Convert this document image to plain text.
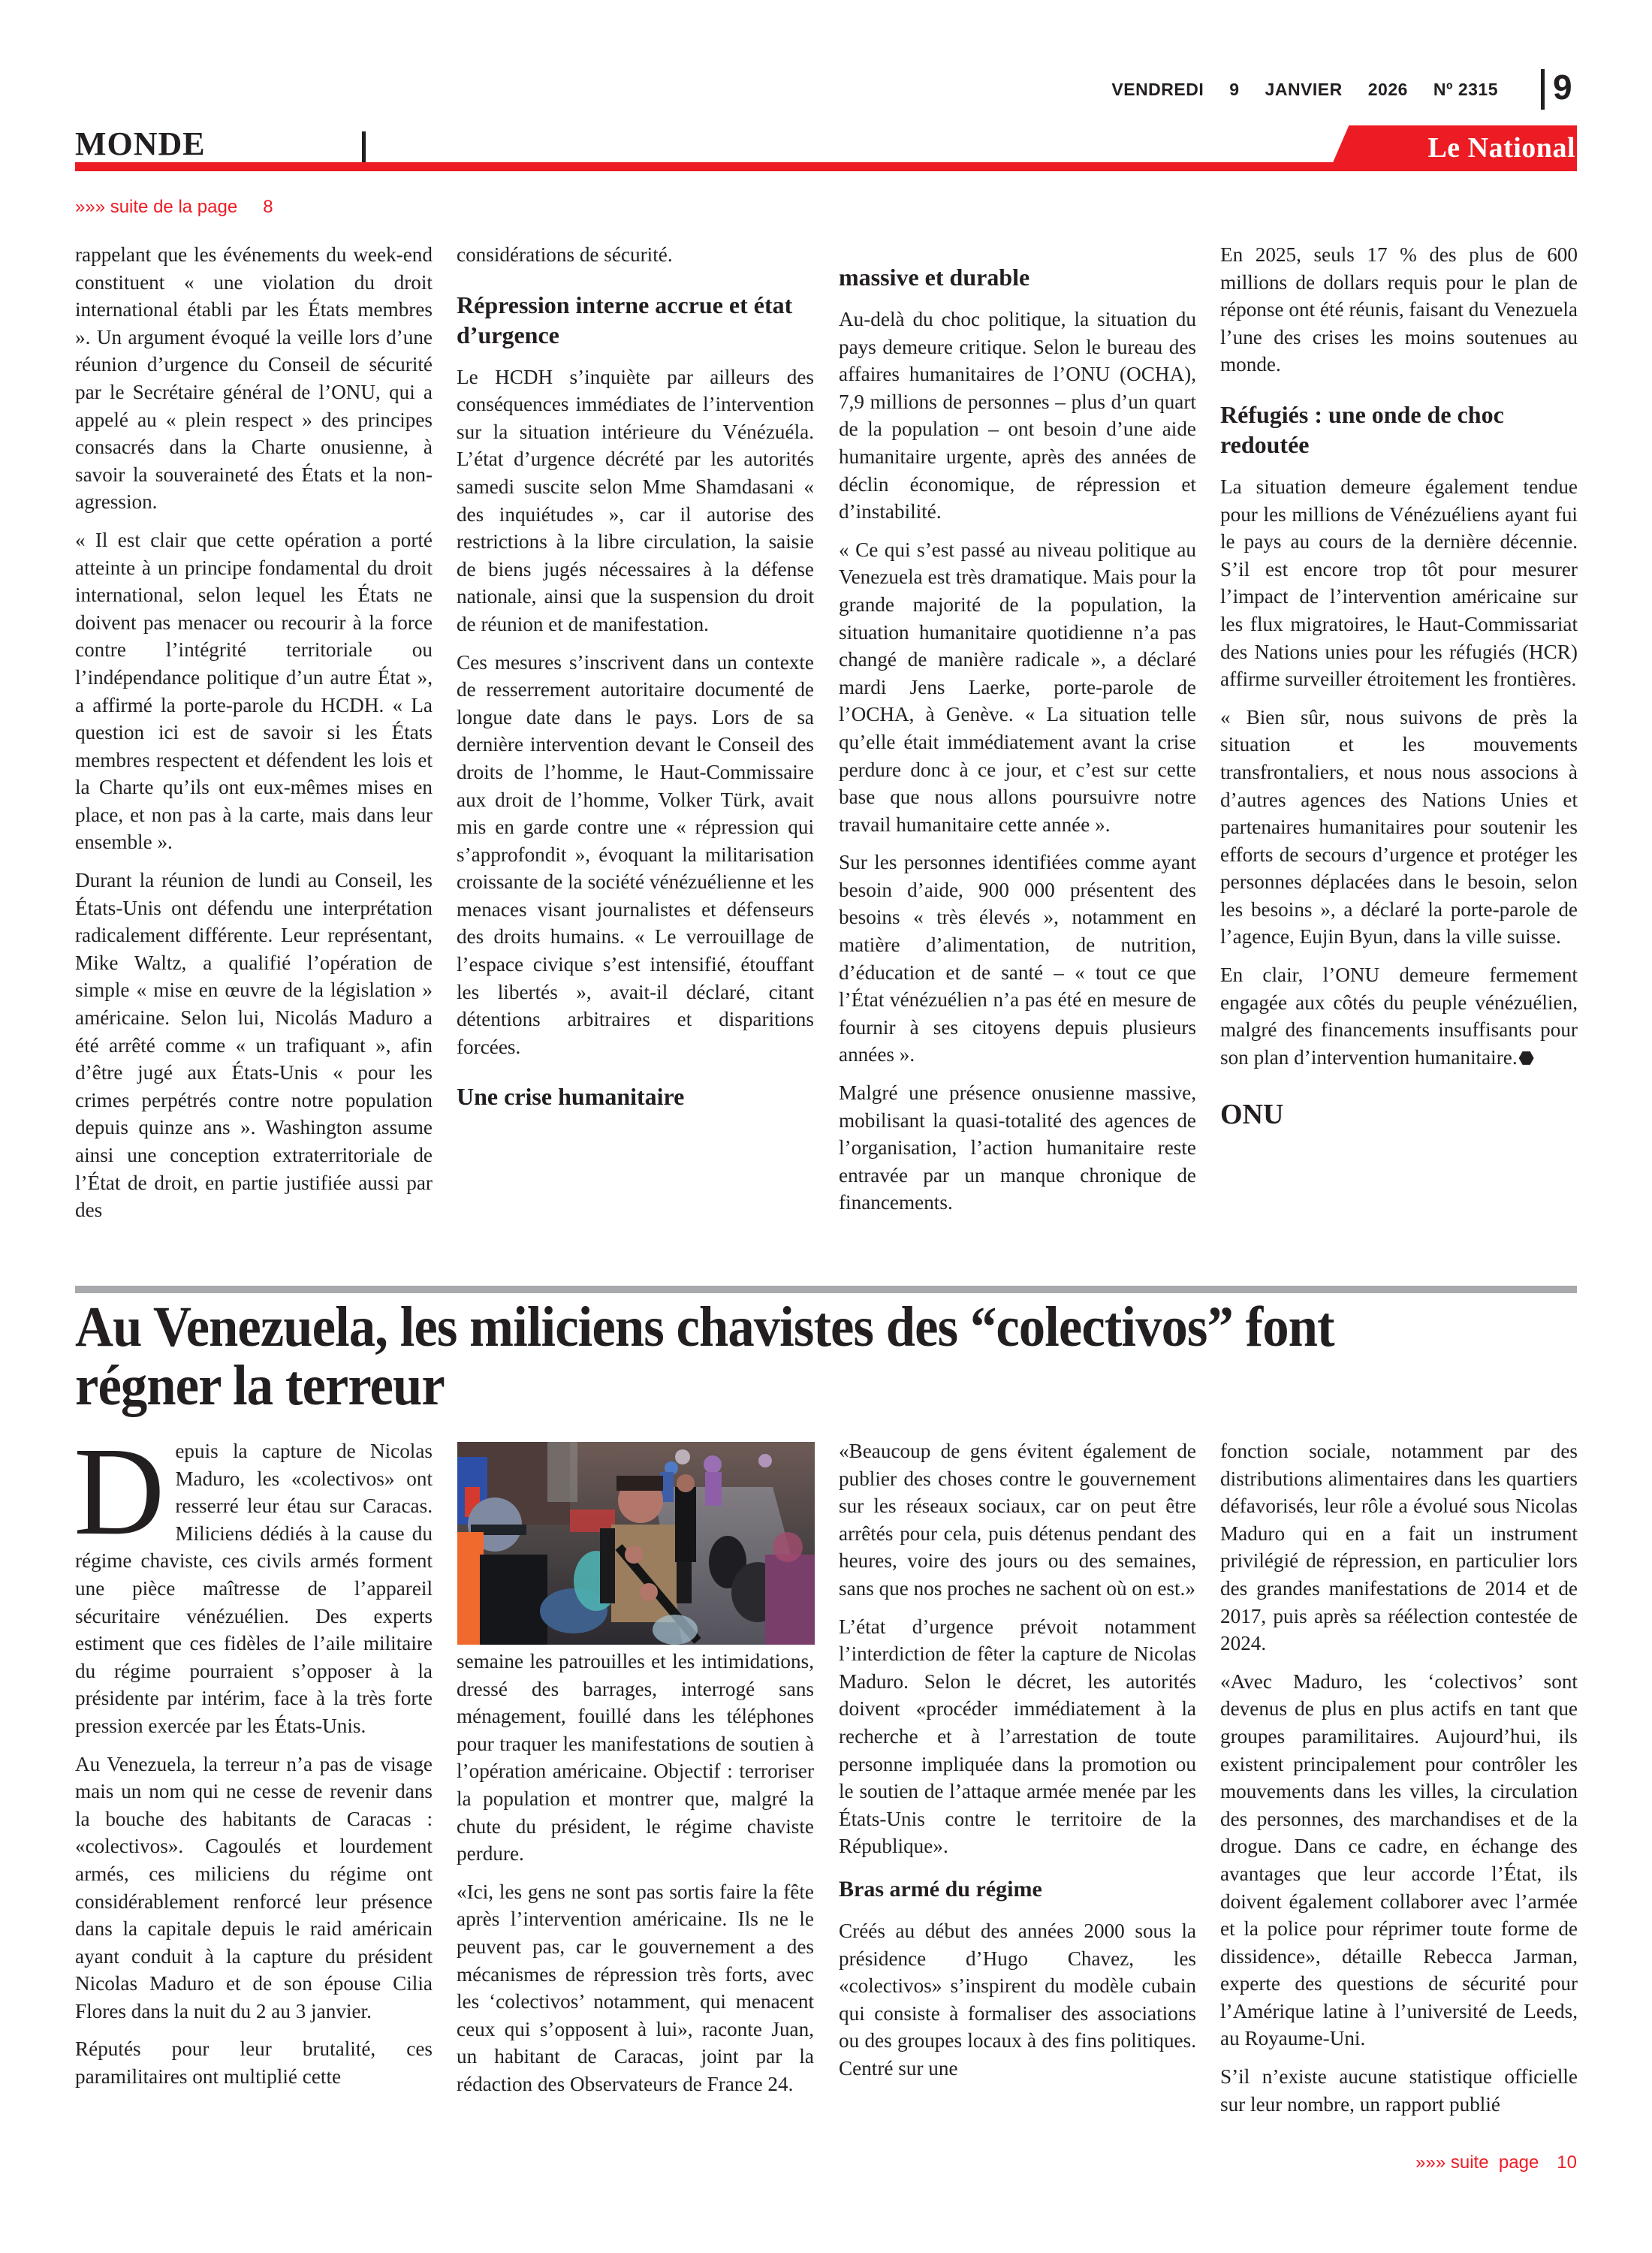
VENDREDI 9 JANVIER 2026 Nº 2315 9
MONDE	Le National
»»» suite de la page 8

rappelant que les événements du week-end constituent « une violation du droit international établi par les États membres ». Un argument évoqué la veille lors d’une réunion d’urgence du Conseil de sécurité par le Secrétaire général de l’ONU, qui a appelé au « plein respect » des principes consacrés dans la Charte onusienne, à savoir la souveraineté des États et la non-agression.

« Il est clair que cette opération a porté atteinte à un principe fondamental du droit international, selon lequel les États ne doivent pas menacer ou recourir à la force contre l’intégrité territoriale ou l’indépendance politique d’un autre État », a affirmé la porte-parole du HCDH. « La question ici est de savoir si les États membres respectent et défendent les lois et la Charte qu’ils ont eux-mêmes mises en place, et non pas à la carte, mais dans leur ensemble ».

Durant la réunion de lundi au Conseil, les États-Unis ont défendu une interprétation radicalement différente. Leur représentant, Mike Waltz, a qualifié l’opération de simple « mise en œuvre de la législation » américaine. Selon lui, Nicolás Maduro a été arrêté comme « un trafiquant », afin d’être jugé aux États-Unis « pour les crimes perpétrés contre notre population depuis quinze ans ». Washington assume ainsi une conception extraterritoriale de l’État de droit, en partie justifiée aussi par des

considérations de sécurité.

Répression interne accrue et état d’urgence

Le HCDH s’inquiète par ailleurs des conséquences immédiates de l’intervention sur la situation intérieure du Vénézuéla. L’état d’urgence décrété par les autorités samedi suscite selon Mme Shamdasani « des inquiétudes », car il autorise des restrictions à la libre circulation, la saisie de biens jugés nécessaires à la défense nationale, ainsi que la suspension du droit de réunion et de manifestation.

Ces mesures s’inscrivent dans un contexte de resserrement autoritaire documenté de longue date dans le pays. Lors de sa dernière intervention devant le Conseil des droits de l’homme, le Haut-Commissaire aux droit de l’homme, Volker Türk, avait mis en garde contre une « répression qui s’approfondit », évoquant la militarisation croissante de la société vénézuélienne et les menaces visant journalistes et défenseurs des droits humains. « Le verrouillage de l’espace civique s’est intensifié, étouffant les libertés », avait-il déclaré, citant détentions arbitraires et disparitions forcées.

Une crise humanitaire
massive et durable

Au-delà du choc politique, la situation du pays demeure critique. Selon le bureau des affaires humanitaires de l’ONU (OCHA), 7,9 millions de personnes – plus d’un quart de la population – ont besoin d’une aide humanitaire urgente, après des années de déclin économique, de répression et d’instabilité.

« Ce qui s’est passé au niveau politique au Venezuela est très dramatique. Mais pour la grande majorité de la population, la situation humanitaire quotidienne n’a pas changé de manière radicale », a déclaré mardi Jens Laerke, porte-parole de l’OCHA, à Genève. « La situation telle qu’elle était immédiatement avant la crise perdure donc à ce jour, et c’est sur cette base que nous allons poursuivre notre travail humanitaire cette année ».

Sur les personnes identifiées comme ayant besoin d’aide, 900 000 présentent des besoins « très élevés », notamment en matière d’alimentation, de nutrition, d’éducation et de santé – « tout ce que l’État vénézuélien n’a pas été en mesure de fournir à ses citoyens depuis plusieurs années ».

Malgré une présence onusienne massive, mobilisant la quasi-totalité des agences de l’organisation, l’action humanitaire reste entravée par un manque chronique de financements.

En 2025, seuls 17 % des plus de 600 millions de dollars requis pour le plan de réponse ont été réunis, faisant du Venezuela l’une des crises les moins soutenues au monde.

Réfugiés : une onde de choc redoutée

La situation demeure également tendue pour les millions de Vénézuéliens ayant fui le pays au cours de la dernière décennie. S’il est encore trop tôt pour mesurer l’impact de l’intervention américaine sur les flux migratoires, le Haut-Commissariat des Nations unies pour les réfugiés (HCR) affirme surveiller étroitement les frontières.

« Bien sûr, nous suivons de près la situation et les mouvements transfrontaliers, et nous nous associons à d’autres agences des Nations Unies et partenaires humanitaires pour soutenir les efforts de secours d’urgence et protéger les personnes déplacées dans le besoin, selon les besoins », a déclaré la porte-parole de l’agence, Eujin Byun, dans la ville suisse.

En clair, l’ONU demeure fermement engagée aux côtés du peuple vénézuélien, malgré des financements insuffisants pour son plan d’intervention humanitaire.

ONU
Au Venezuela, les miliciens chavistes des “colectivos” font régner la terreur

Depuis la capture de Nicolas Maduro, les «colectivos» ont resserré leur étau sur Caracas. Miliciens dédiés à la cause du régime chaviste, ces civils armés forment une pièce maîtresse de l’appareil sécuritaire vénézuélien. Des experts estiment que ces fidèles de l’aile militaire du régime pourraient s’opposer à la présidente par intérim, face à la très forte pression exercée par les États-Unis.

Au Venezuela, la terreur n’a pas de visage mais un nom qui ne cesse de revenir dans la bouche des habitants de Caracas : «colectivos». Cagoulés et lourdement armés, ces miliciens du régime ont considérablement renforcé leur présence dans la capitale depuis le raid américain ayant conduit à la capture du président Nicolas Maduro et de son épouse Cilia Flores dans la nuit du 2 au 3 janvier.

Réputés pour leur brutalité, ces paramilitaires ont multiplié cette

semaine les patrouilles et les intimidations, dressé des barrages, interrogé sans ménagement, fouillé dans les téléphones pour traquer les manifestations de soutien à l’opération américaine. Objectif : terroriser la population et montrer que, malgré la chute du président, le régime chaviste perdure.

«Ici, les gens ne sont pas sortis faire la fête après l’intervention américaine. Ils ne le peuvent pas, car le gouvernement a des mécanismes de répression très forts, avec les ‘colectivos’ notamment, qui menacent ceux qui s’opposent à lui», raconte Juan, un habitant de Caracas, joint par la rédaction des Observateurs de France 24.

«Beaucoup de gens évitent également de publier des choses contre le gouvernement sur les réseaux sociaux, car on peut être arrêtés pour cela, puis détenus pendant des heures, voire des jours ou des semaines, sans que nos proches ne sachent où on est.»

L’état d’urgence prévoit notamment l’interdiction de fêter la capture de Nicolas Maduro. Selon le décret, les autorités doivent «procéder immédiatement à la recherche et à l’arrestation de toute personne impliquée dans la promotion ou le soutien de l’attaque armée menée par les États-Unis contre le territoire de la République».

Bras armé du régime

Créés au début des années 2000 sous la présidence d’Hugo Chavez, les «colectivos» s’inspirent du modèle cubain qui consiste à formaliser des associations ou des groupes locaux à des fins politiques. Centré sur une

fonction sociale, notamment par des distributions alimentaires dans les quartiers défavorisés, leur rôle a évolué sous Nicolas Maduro qui en a fait un instrument privilégié de répression, en particulier lors des grandes manifestations de 2014 et de 2017, puis après sa réélection contestée de 2024.

«Avec Maduro, les ‘colectivos’ sont devenus de plus en plus actifs en tant que groupes paramilitaires. Aujourd’hui, ils existent principalement pour contrôler les mouvements dans les villes, la circulation des personnes, des marchandises et de la drogue. Dans ce cadre, en échange des avantages que leur accorde l’État, ils doivent également collaborer avec l’armée et la police pour réprimer toute forme de dissidence», détaille Rebecca Jarman, experte des questions de sécurité pour l’Amérique latine à l’université de Leeds, au Royaume-Uni.

S’il n’existe aucune statistique officielle sur leur nombre, un rapport publié

»»» suite  page 10
